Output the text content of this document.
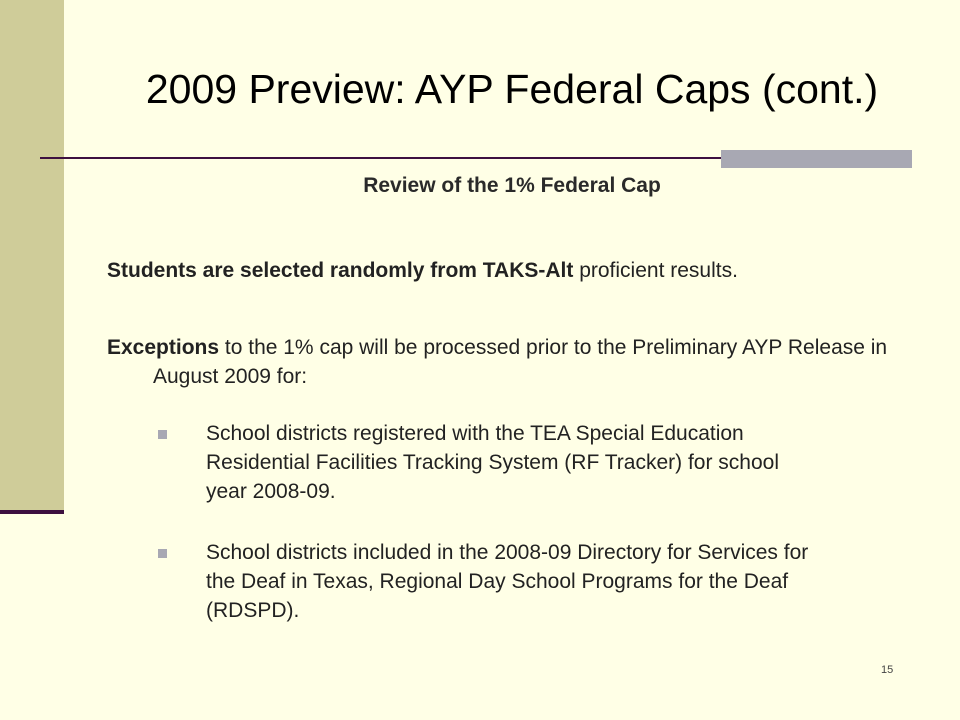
2009 Preview: AYP Federal Caps (cont.)
Review of the 1% Federal Cap
Students are selected randomly from TAKS-Alt proficient results.
Exceptions to the 1% cap will be processed prior to the Preliminary AYP Release in August 2009 for:
School districts registered with the TEA Special Education Residential Facilities Tracking System (RF Tracker) for school year 2008-09.
School districts included in the 2008-09 Directory for Services for the Deaf in Texas, Regional Day School Programs for the Deaf (RDSPD).
15
